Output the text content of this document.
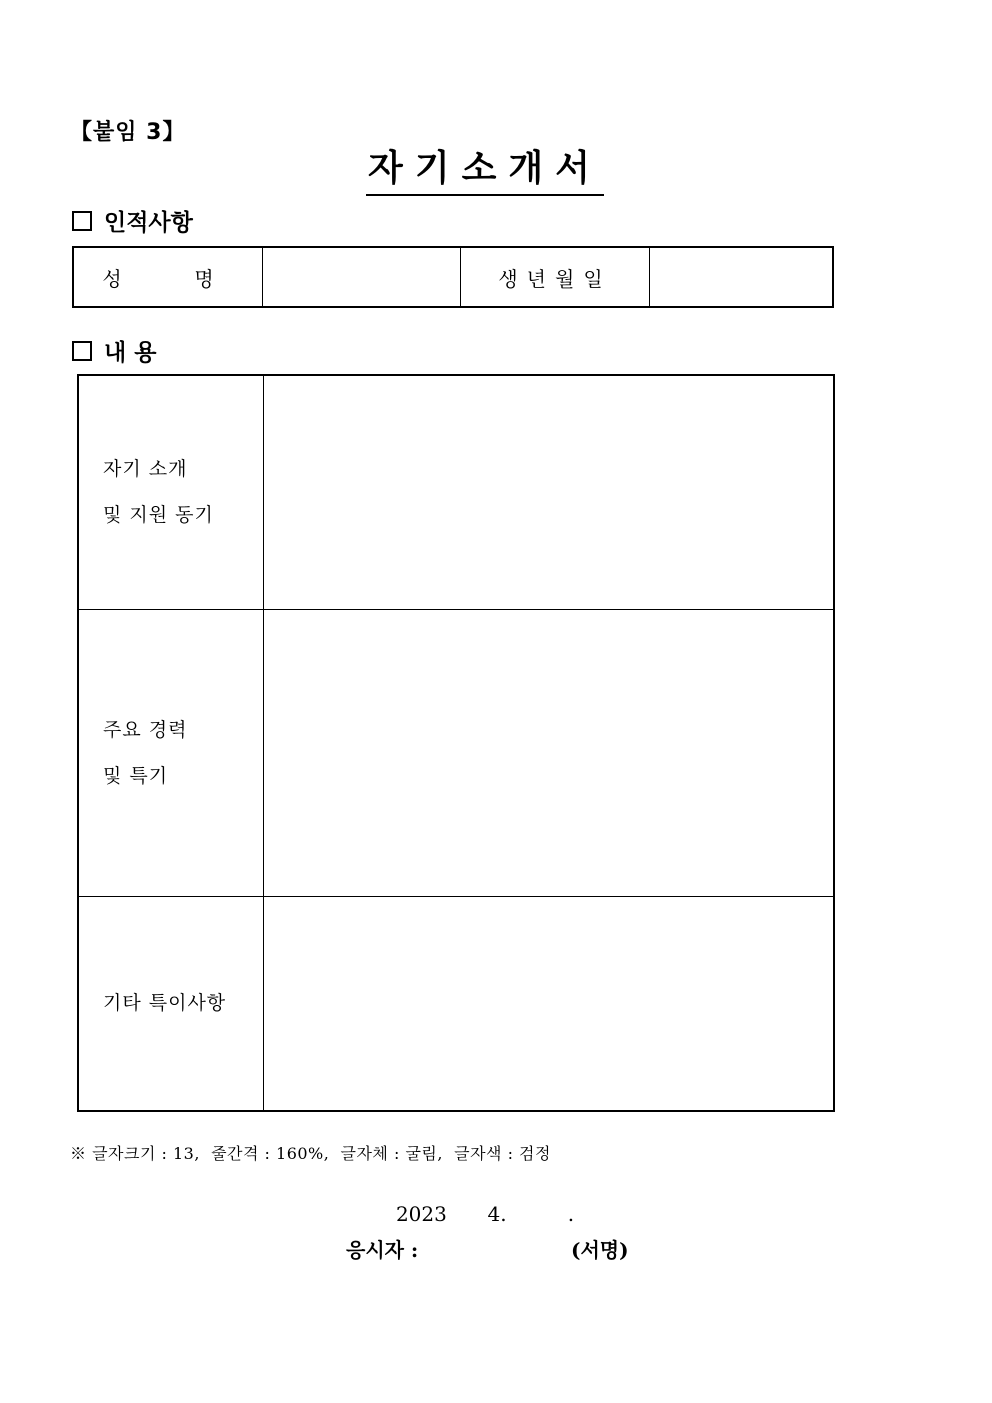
【붙임 3】
자기소개서
인적사항
성  명		생년월일	
내 용
자기 소개
및 지원 동기	

주요 경력
및 특기	

기타 특이사항	

※ 글자크기 : 13,  줄간격 : 160%,  글자체 : 굴림,  글자색 : 검정
2023  4.   .
응시자 :	(서명)
